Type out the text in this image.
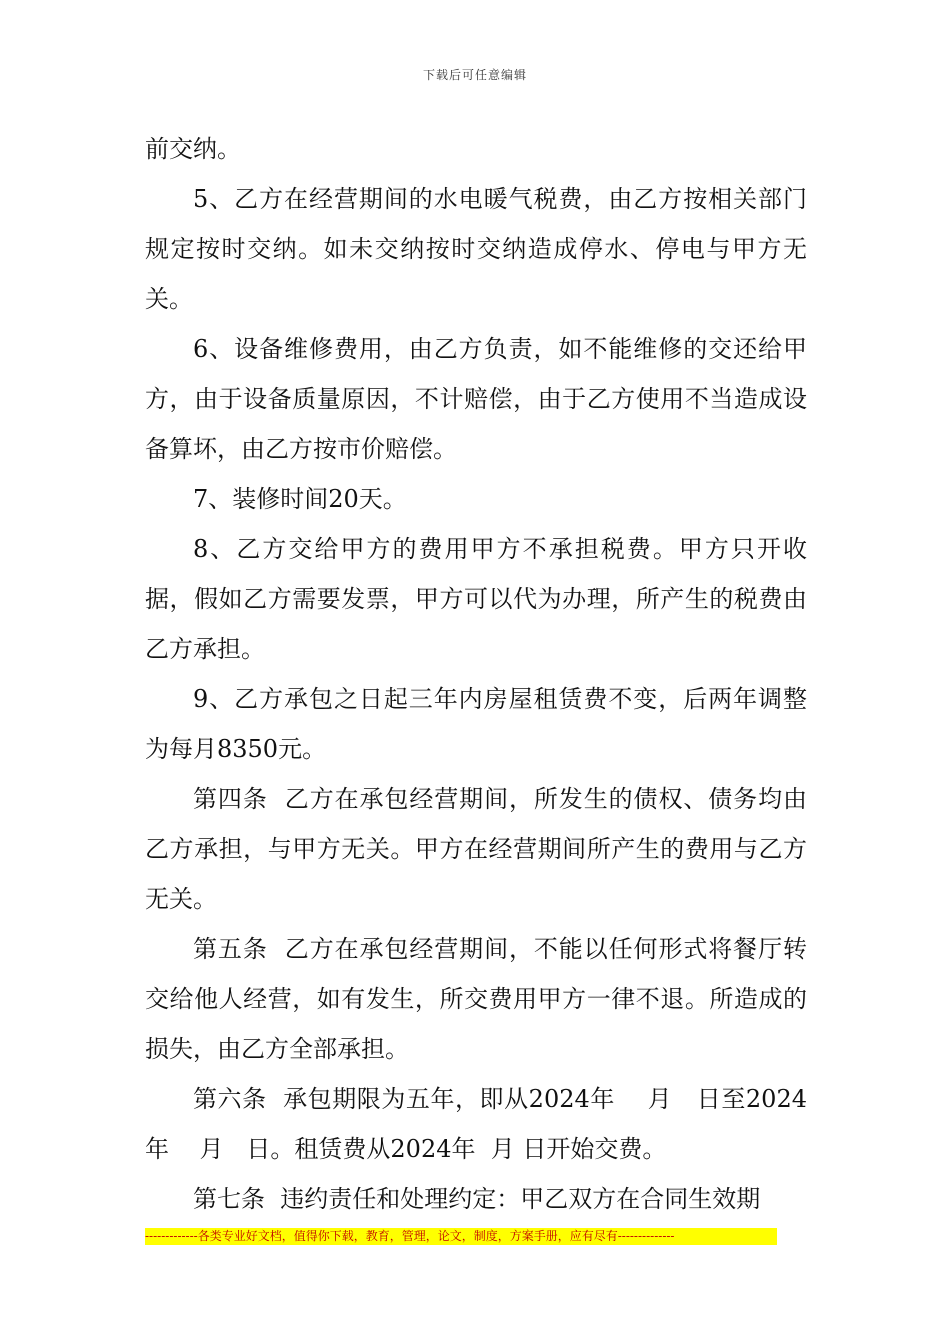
下载后可任意编辑

前交纳。

5、乙方在经营期间的水电暖气税费，由乙方按相关部门规定按时交纳。如未交纳按时交纳造成停水、停电与甲方无关。

6、设备维修费用，由乙方负责，如不能维修的交还给甲方，由于设备质量原因，不计赔偿，由于乙方使用不当造成设备算坏，由乙方按市价赔偿。

7、装修时间20天。

8、乙方交给甲方的费用甲方不承担税费。甲方只开收据，假如乙方需要发票，甲方可以代为办理，所产生的税费由乙方承担。

9、乙方承包之日起三年内房屋租赁费不变，后两年调整为每月8350元。

第四条  乙方在承包经营期间，所发生的债权、债务均由乙方承担，与甲方无关。甲方在经营期间所产生的费用与乙方无关。

第五条  乙方在承包经营期间，不能以任何形式将餐厅转交给他人经营，如有发生，所交费用甲方一律不退。所造成的损失，由乙方全部承担。

第六条  承包期限为五年，即从2024年    月   日至2024年    月   日。租赁费从2024年  月 日开始交费。

第七条  违约责任和处理约定：甲乙双方在合同生效期

-------------各类专业好文档，值得你下载，教育，管理，论文，制度，方案手册，应有尽有--------------
